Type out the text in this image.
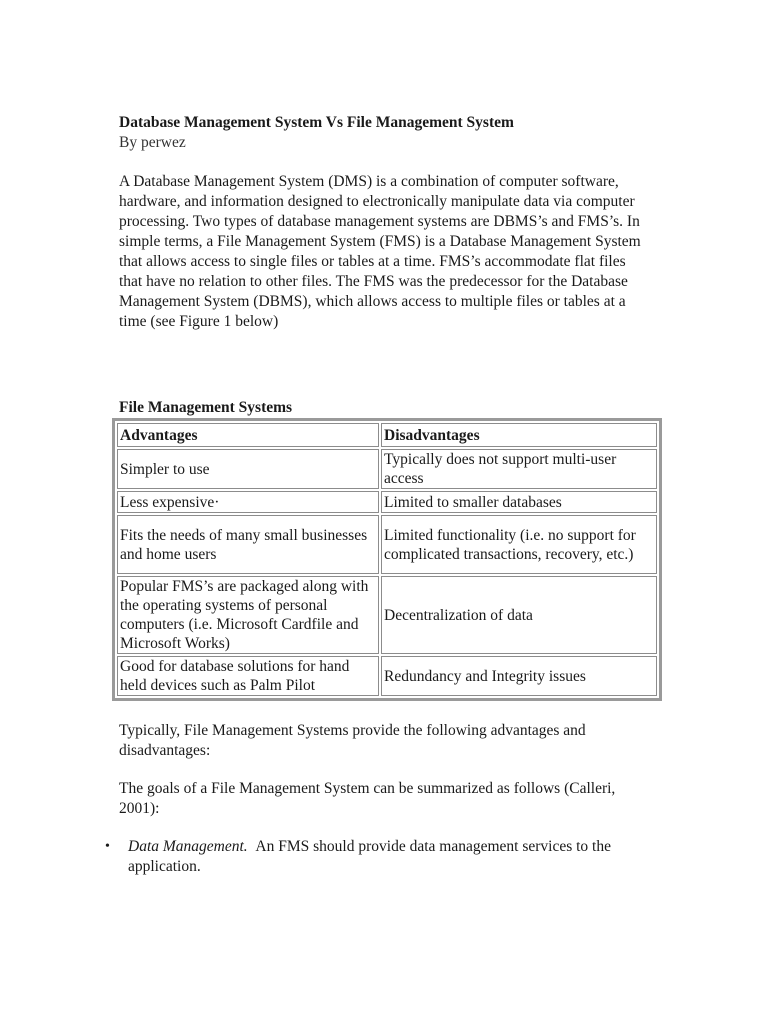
Database Management System Vs File Management System

By perwez

A Database Management System (DMS) is a combination of computer software, hardware, and information designed to electronically manipulate data via computer processing. Two types of database management systems are DBMS’s and FMS’s. In simple terms, a File Management System (FMS) is a Database Management System that allows access to single files or tables at a time. FMS’s accommodate flat files that have no relation to other files. The FMS was the predecessor for the Database Management System (DBMS), which allows access to multiple files or tables at a time (see Figure 1 below)

File Management Systems

Advantages	Disadvantages
Simpler to use	Typically does not support multi-user access
Less expensive·	Limited to smaller databases
Fits the needs of many small businesses and home users	Limited functionality (i.e. no support for complicated transactions, recovery, etc.)
Popular FMS’s are packaged along with the operating systems of personal computers (i.e. Microsoft Cardfile and Microsoft Works)	Decentralization of data
Good for database solutions for hand held devices such as Palm Pilot	Redundancy and Integrity issues

Typically, File Management Systems provide the following advantages and disadvantages:

The goals of a File Management System can be summarized as follows (Calleri, 2001):

• Data Management. An FMS should provide data management services to the application.
